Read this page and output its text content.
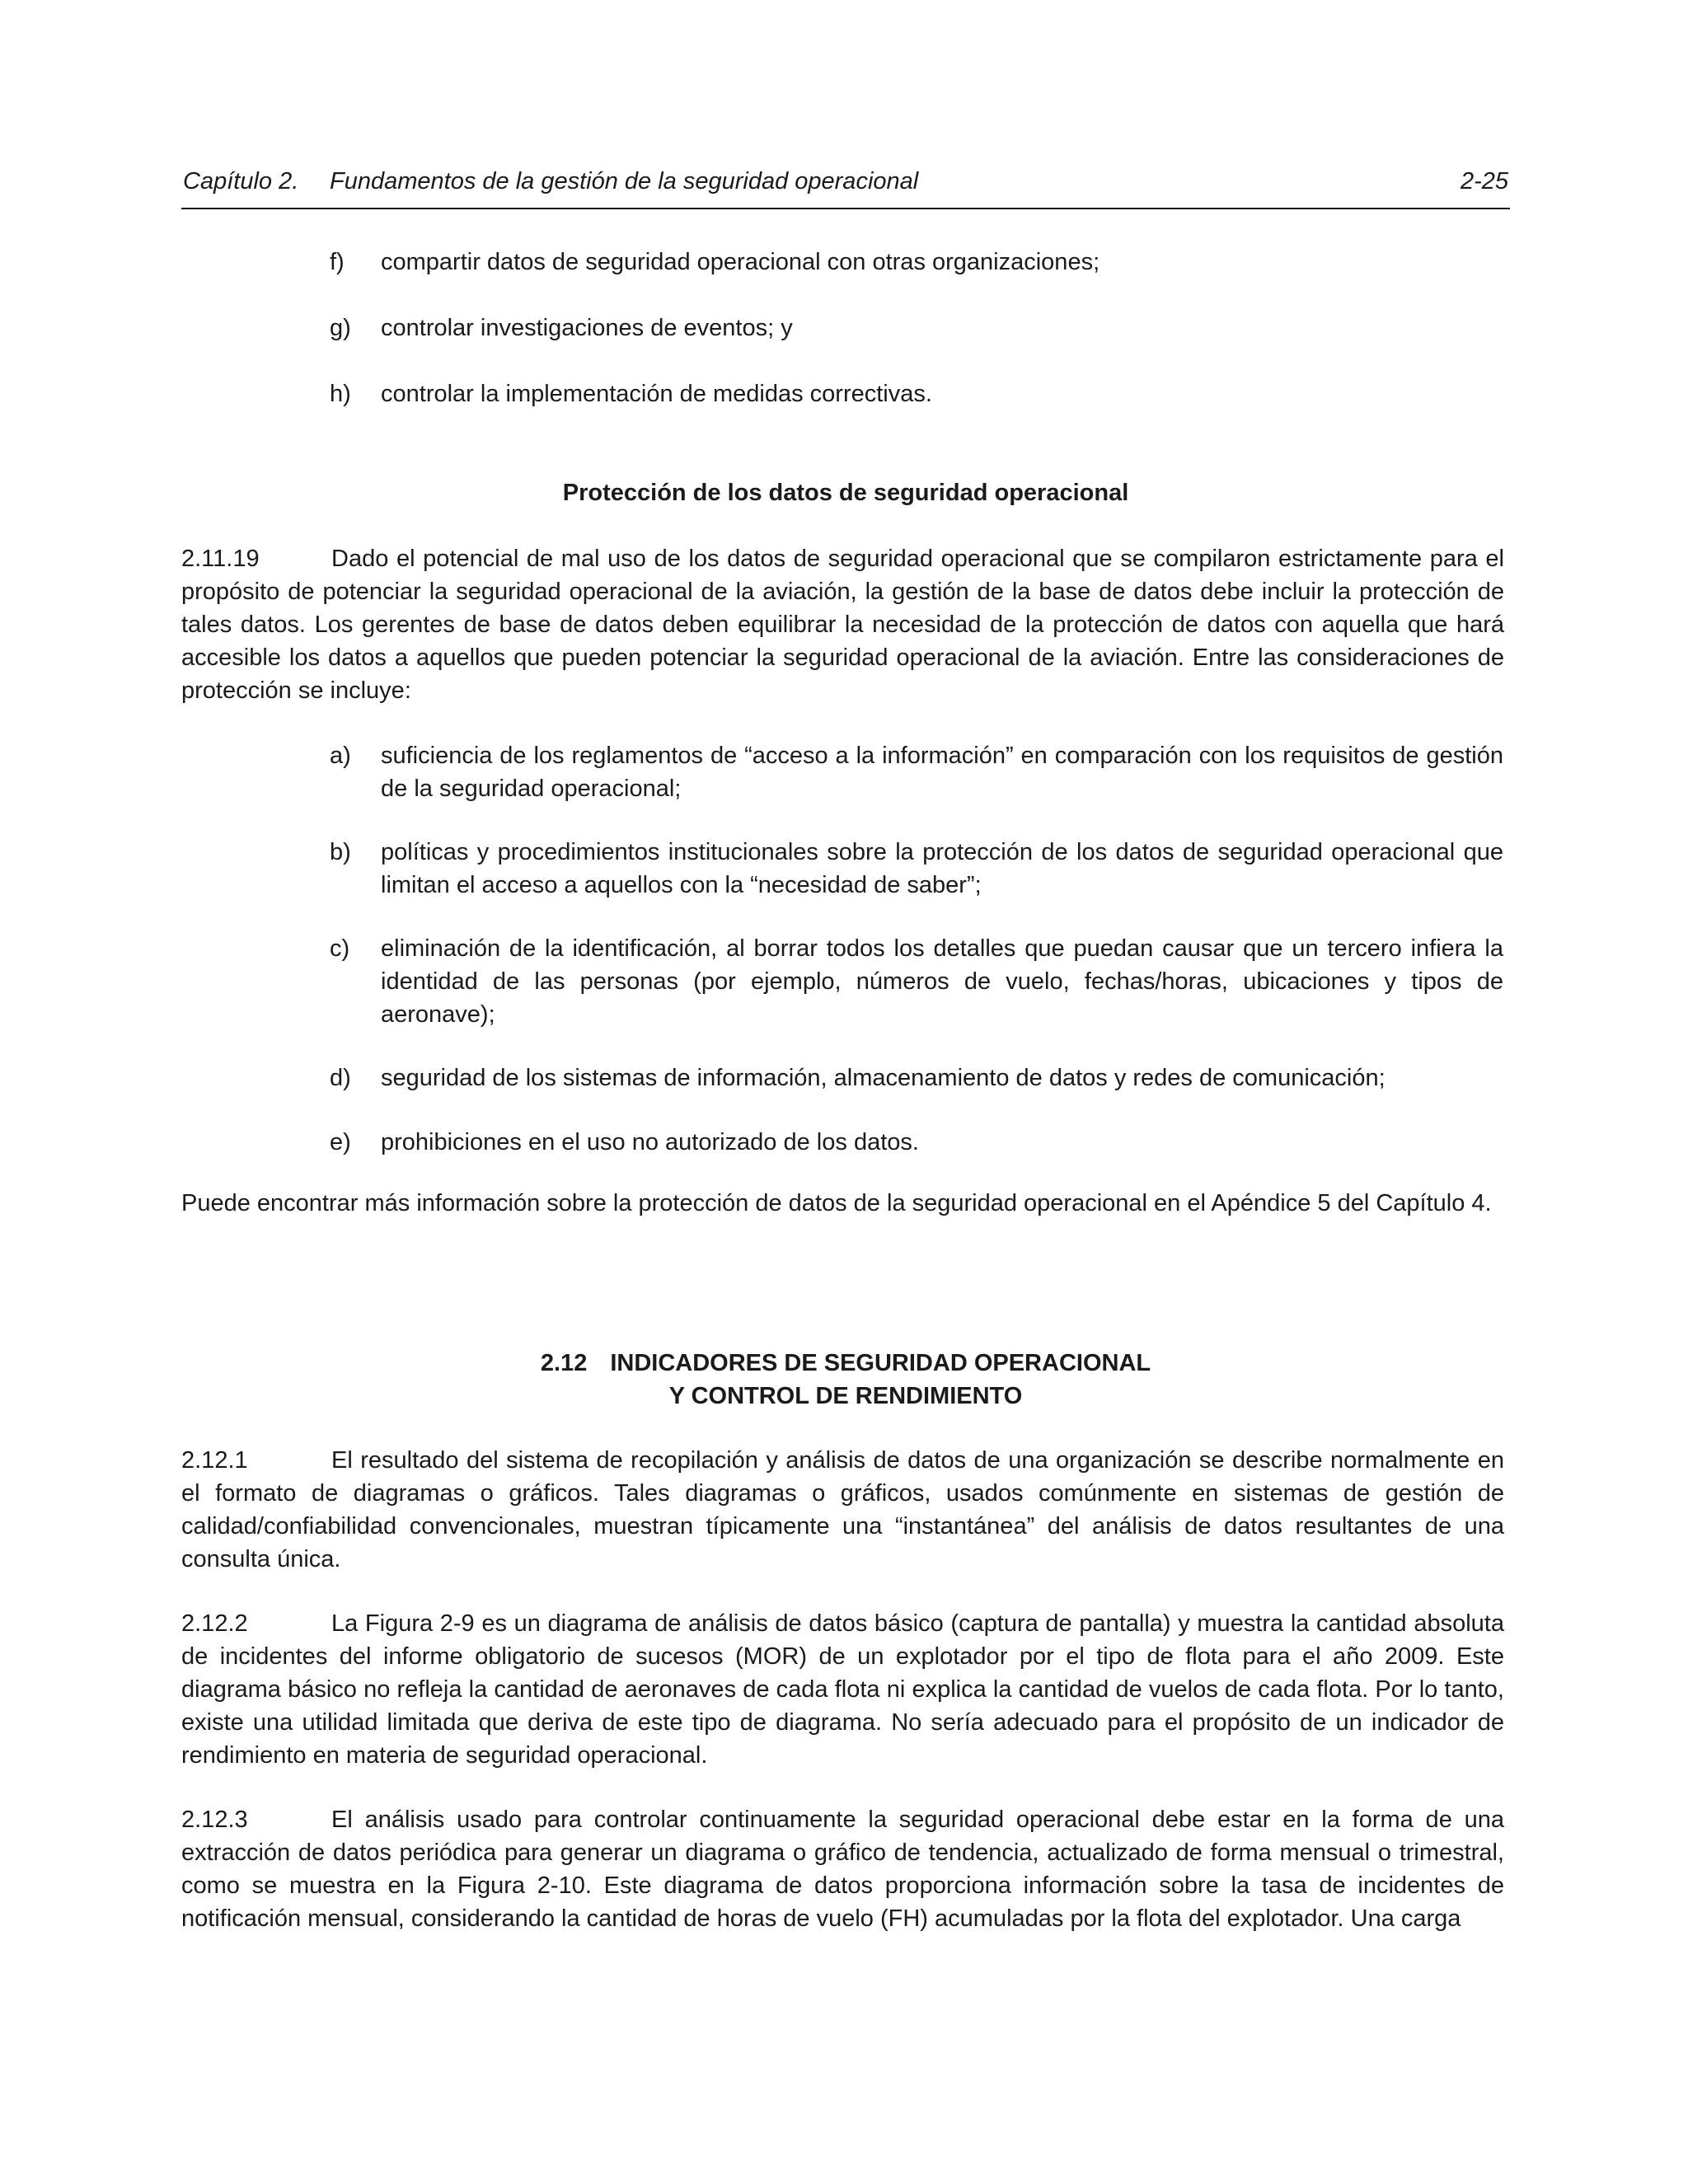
Capítulo 2. Fundamentos de la gestión de la seguridad operacional	2-25
f) compartir datos de seguridad operacional con otras organizaciones;
g) controlar investigaciones de eventos; y
h) controlar la implementación de medidas correctivas.
Protección de los datos de seguridad operacional
2.11.19	Dado el potencial de mal uso de los datos de seguridad operacional que se compilaron estrictamente para el propósito de potenciar la seguridad operacional de la aviación, la gestión de la base de datos debe incluir la protección de tales datos. Los gerentes de base de datos deben equilibrar la necesidad de la protección de datos con aquella que hará accesible los datos a aquellos que pueden potenciar la seguridad operacional de la aviación. Entre las consideraciones de protección se incluye:
a) suficiencia de los reglamentos de “acceso a la información” en comparación con los requisitos de gestión de la seguridad operacional;
b) políticas y procedimientos institucionales sobre la protección de los datos de seguridad operacional que limitan el acceso a aquellos con la “necesidad de saber”;
c) eliminación de la identificación, al borrar todos los detalles que puedan causar que un tercero infiera la identidad de las personas (por ejemplo, números de vuelo, fechas/horas, ubicaciones y tipos de aeronave);
d) seguridad de los sistemas de información, almacenamiento de datos y redes de comunicación;
e) prohibiciones en el uso no autorizado de los datos.
Puede encontrar más información sobre la protección de datos de la seguridad operacional en el Apéndice 5 del Capítulo 4.
2.12 INDICADORES DE SEGURIDAD OPERACIONAL
Y CONTROL DE RENDIMIENTO
2.12.1	El resultado del sistema de recopilación y análisis de datos de una organización se describe normalmente en el formato de diagramas o gráficos. Tales diagramas o gráficos, usados comúnmente en sistemas de gestión de calidad/confiabilidad convencionales, muestran típicamente una “instantánea” del análisis de datos resultantes de una consulta única.
2.12.2	La Figura 2-9 es un diagrama de análisis de datos básico (captura de pantalla) y muestra la cantidad absoluta de incidentes del informe obligatorio de sucesos (MOR) de un explotador por el tipo de flota para el año 2009. Este diagrama básico no refleja la cantidad de aeronaves de cada flota ni explica la cantidad de vuelos de cada flota. Por lo tanto, existe una utilidad limitada que deriva de este tipo de diagrama. No sería adecuado para el propósito de un indicador de rendimiento en materia de seguridad operacional.
2.12.3	El análisis usado para controlar continuamente la seguridad operacional debe estar en la forma de una extracción de datos periódica para generar un diagrama o gráfico de tendencia, actualizado de forma mensual o trimestral, como se muestra en la Figura 2-10. Este diagrama de datos proporciona información sobre la tasa de incidentes de notificación mensual, considerando la cantidad de horas de vuelo (FH) acumuladas por la flota del explotador. Una carga
